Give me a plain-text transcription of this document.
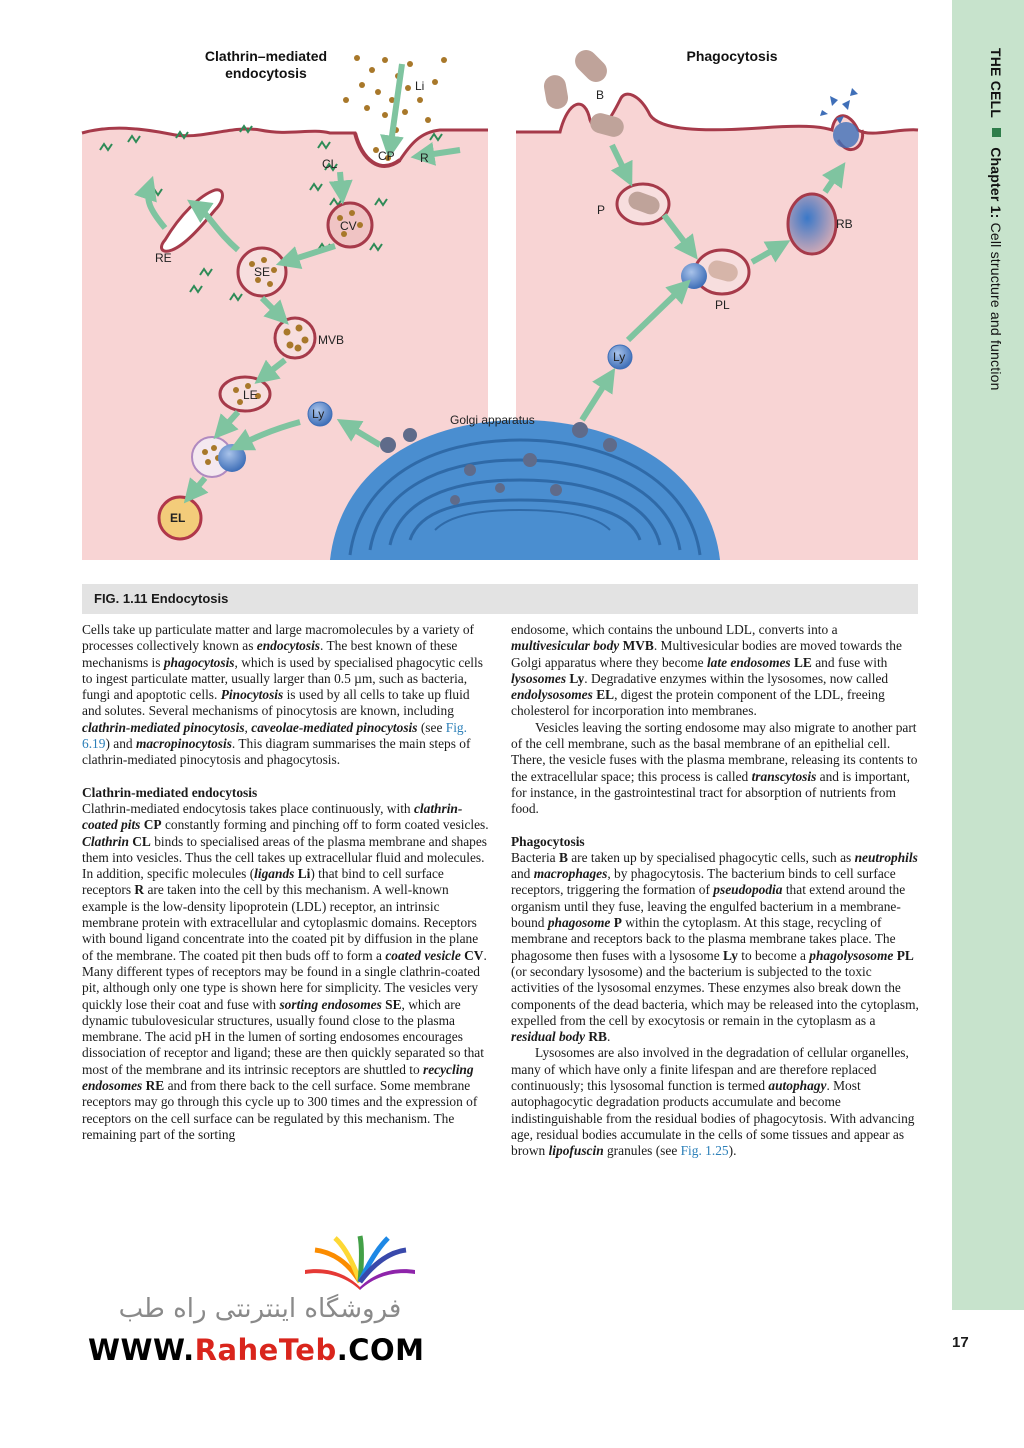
THE CELL  Chapter 1: Cell structure and function
17
Clathrin–mediated
endocytosis
Phagocytosis
Li
CL
CP R
CV
RE
SE
MVB
LE
Ly
EL
Golgi apparatus
B
P
PL
RB
Ly
FIG. 1.11 Endocytosis

Cells take up particulate matter and large macromolecules by a variety of processes collectively known as endocytosis. The best known of these mechanisms is phagocytosis, which is used by specialised phagocytic cells to ingest particulate matter, usually larger than 0.5 µm, such as bacteria, fungi and apoptotic cells. Pinocytosis is used by all cells to take up fluid and solutes. Several mechanisms of pinocytosis are known, including clathrin-mediated pinocytosis, caveolae-mediated pinocytosis (see Fig. 6.19) and macropinocytosis. This diagram summarises the main steps of clathrin-mediated pinocytosis and phagocytosis.

Clathrin-mediated endocytosis

Clathrin-mediated endocytosis takes place continuously, with clathrin-coated pits CP constantly forming and pinching off to form coated vesicles. Clathrin CL binds to specialised areas of the plasma membrane and shapes them into vesicles. Thus the cell takes up extracellular fluid and molecules. In addition, specific molecules (ligands Li) that bind to cell surface receptors R are taken into the cell by this mechanism. A well-known example is the low-density lipoprotein (LDL) receptor, an intrinsic membrane protein with extracellular and cytoplasmic domains. Receptors with bound ligand concentrate into the coated pit by diffusion in the plane of the membrane. The coated pit then buds off to form a coated vesicle CV. Many different types of receptors may be found in a single clathrin-coated pit, although only one type is shown here for simplicity. The vesicles very quickly lose their coat and fuse with sorting endosomes SE, which are dynamic tubulovesicular structures, usually found close to the plasma membrane. The acid pH in the lumen of sorting endosomes encourages dissociation of receptor and ligand; these are then quickly separated so that most of the membrane and its intrinsic receptors are shuttled to recycling endosomes RE and from there back to the cell surface. Some membrane receptors may go through this cycle up to 300 times and the expression of receptors on the cell surface can be regulated by this mechanism. The remaining part of the sorting

endosome, which contains the unbound LDL, converts into a multivesicular body MVB. Multivesicular bodies are moved towards the Golgi apparatus where they become late endosomes LE and fuse with lysosomes Ly. Degradative enzymes within the lysosomes, now called endolysosomes EL, digest the protein component of the LDL, freeing cholesterol for incorporation into membranes.

Vesicles leaving the sorting endosome may also migrate to another part of the cell membrane, such as the basal membrane of an epithelial cell. There, the vesicle fuses with the plasma membrane, releasing its contents to the extracellular space; this process is called transcytosis and is important, for instance, in the gastrointestinal tract for absorption of nutrients from food.

Phagocytosis

Bacteria B are taken up by specialised phagocytic cells, such as neutrophils and macrophages, by phagocytosis. The bacterium binds to cell surface receptors, triggering the formation of pseudopodia that extend around the organism until they fuse, leaving the engulfed bacterium in a membrane-bound phagosome P within the cytoplasm. At this stage, recycling of membrane and receptors back to the plasma membrane takes place. The phagosome then fuses with a lysosome Ly to become a phagolysosome PL (or secondary lysosome) and the bacterium is subjected to the toxic activities of the lysosomal enzymes. These enzymes also break down the components of the dead bacteria, which may be released into the cytoplasm, expelled from the cell by exocytosis or remain in the cytoplasm as a residual body RB.

Lysosomes are also involved in the degradation of cellular organelles, many of which have only a finite lifespan and are therefore replaced continuously; this lysosomal function is termed autophagy. Most autophagocytic degradation products accumulate and become indistinguishable from the residual bodies of phagocytosis. With advancing age, residual bodies accumulate in the cells of some tissues and appear as brown lipofuscin granules (see Fig. 1.25).

فروشگاه اینترنتی راه طب
WWW.RaheTeb.COM
